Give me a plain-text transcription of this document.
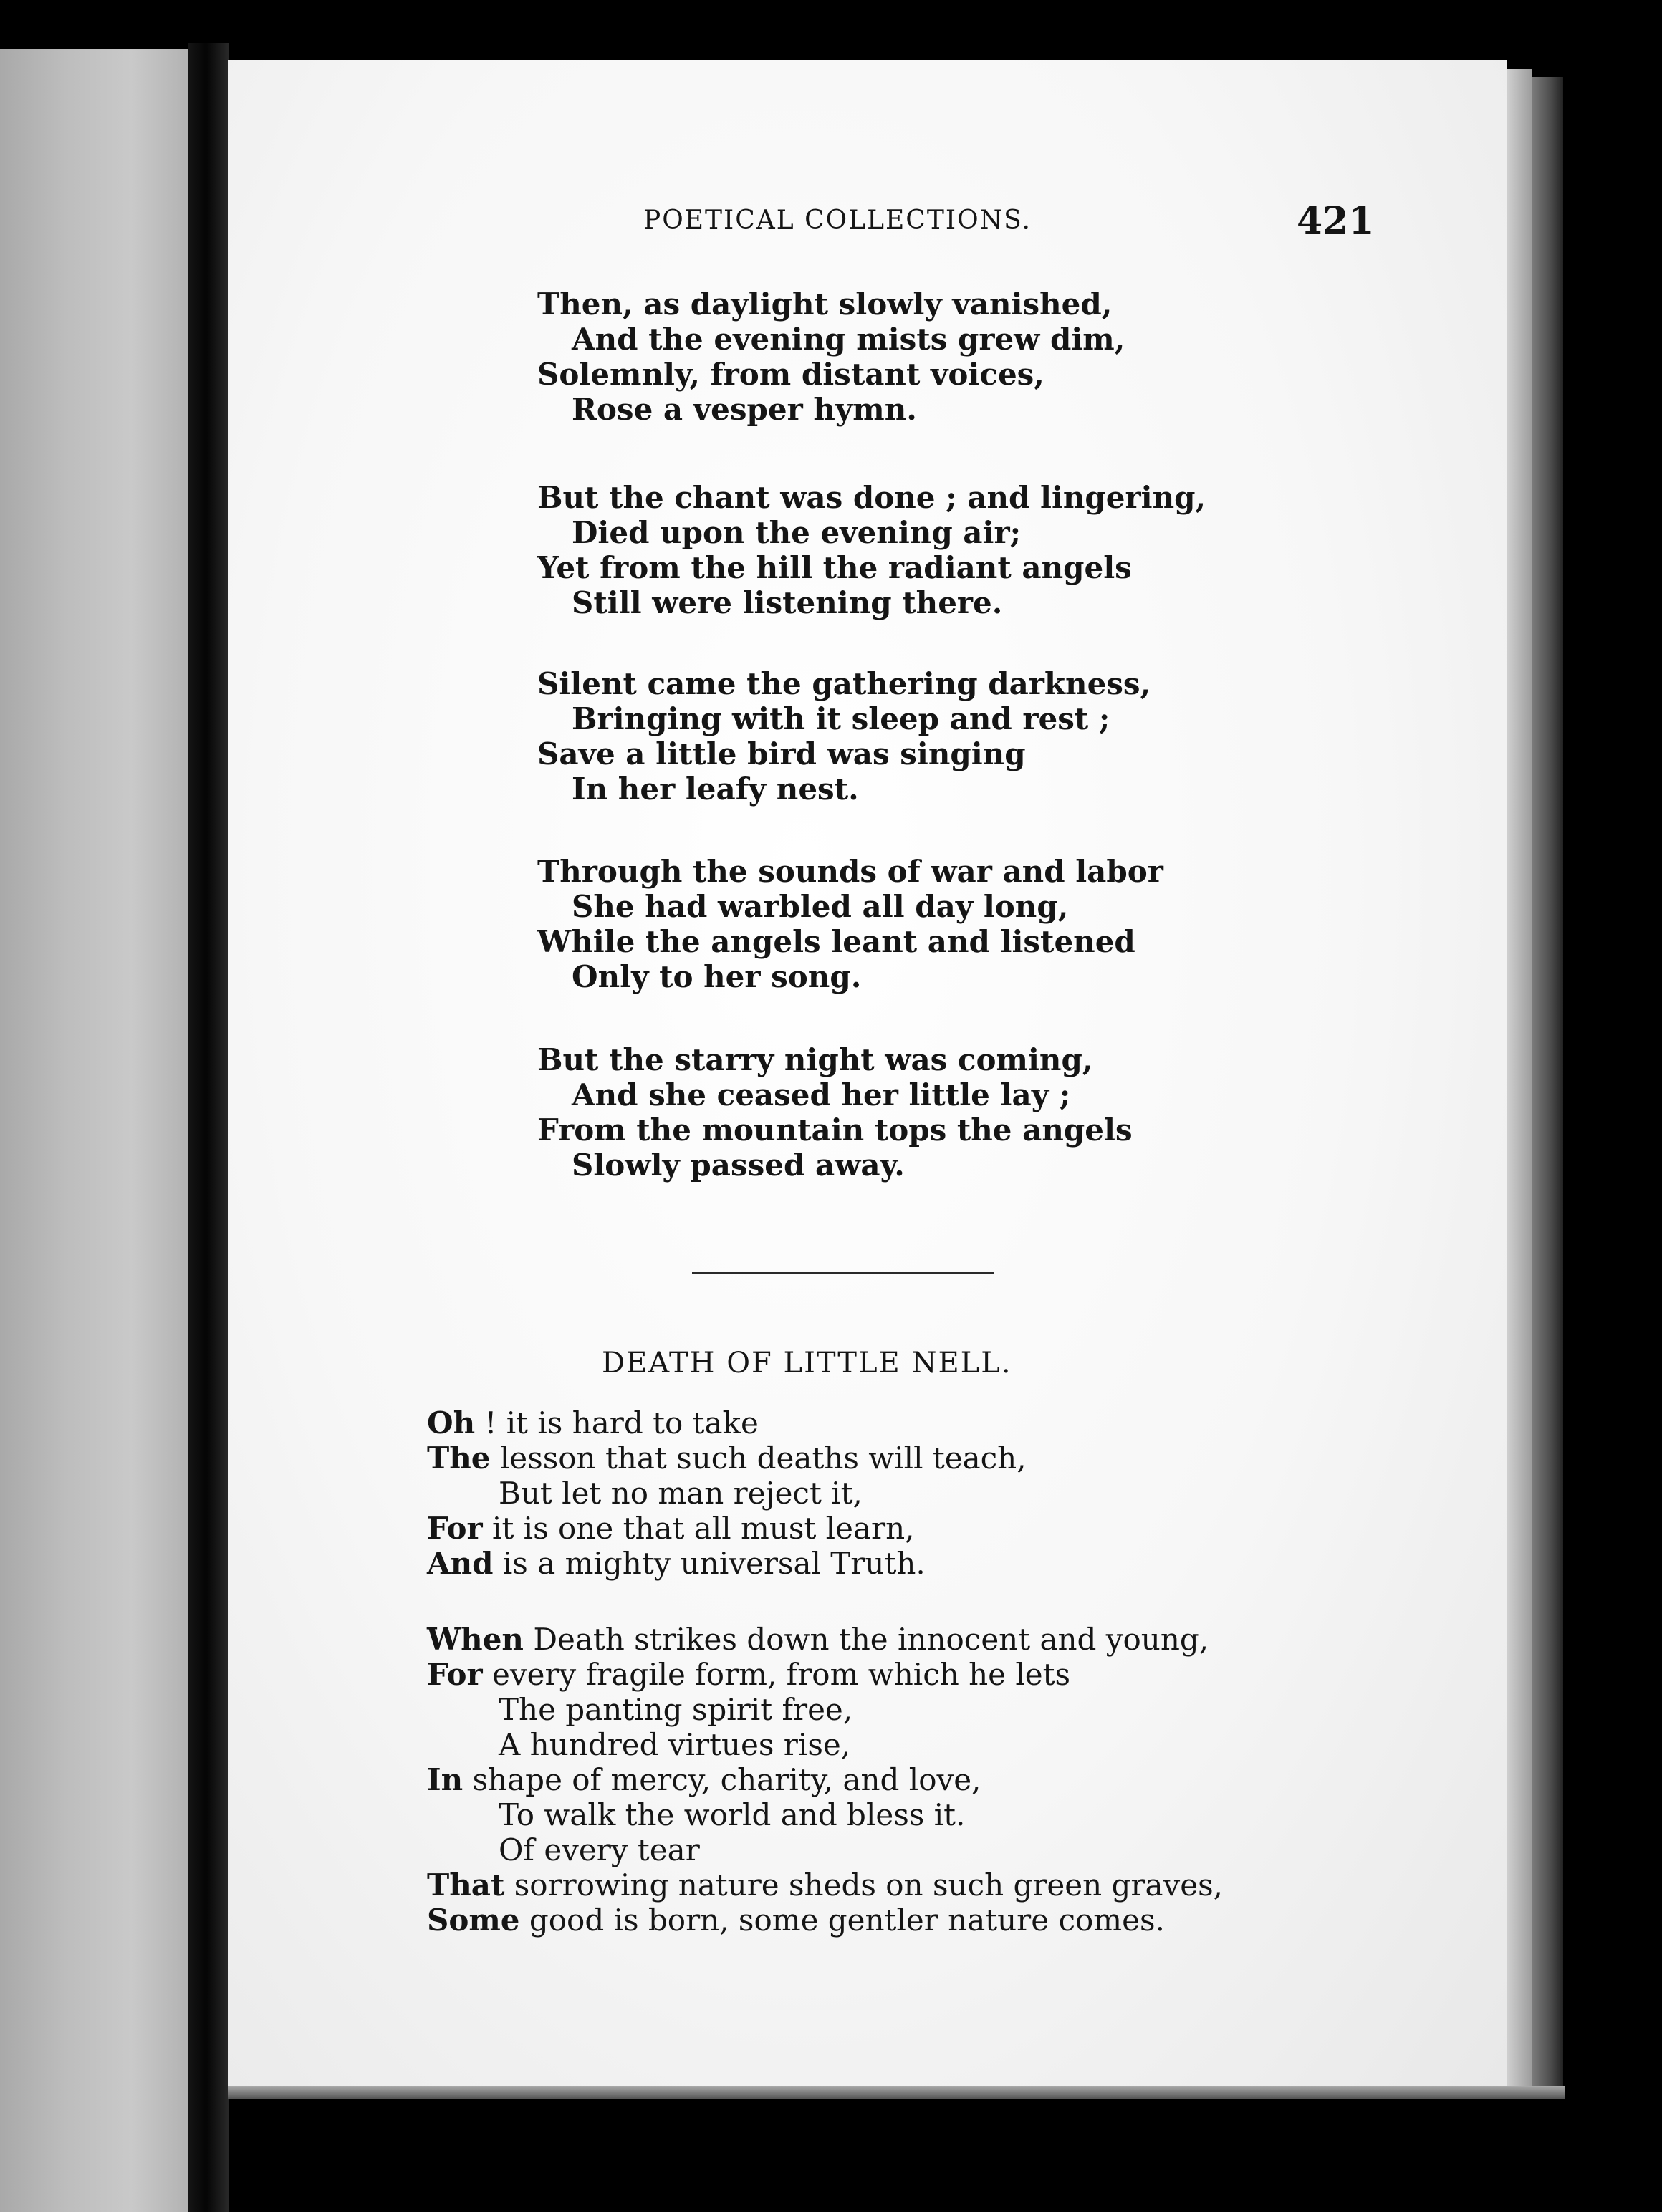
POETICAL COLLECTIONS.	421
Then, as daylight slowly vanished,
And the evening mists grew dim,
Solemnly, from distant voices,
Rose a vesper hymn.
But the chant was done ; and lingering,
Died upon the evening air;
Yet from the hill the radiant angels
Still were listening there.
Silent came the gathering darkness,
Bringing with it sleep and rest ;
Save a little bird was singing
In her leafy nest.
Through the sounds of war and labor
She had warbled all day long,
While the angels leant and listened
Only to her song.
But the starry night was coming,
And she ceased her little lay ;
From the mountain tops the angels
Slowly passed away.
DEATH OF LITTLE NELL.
Oh ! it is hard to take
The lesson that such deaths will teach,
But let no man reject it,
For it is one that all must learn,
And is a mighty universal Truth.
When Death strikes down the innocent and young,
For every fragile form, from which he lets
The panting spirit free,
A hundred virtues rise,
In shape of mercy, charity, and love,
To walk the world and bless it.
Of every tear
That sorrowing nature sheds on such green graves,
Some good is born, some gentler nature comes.
